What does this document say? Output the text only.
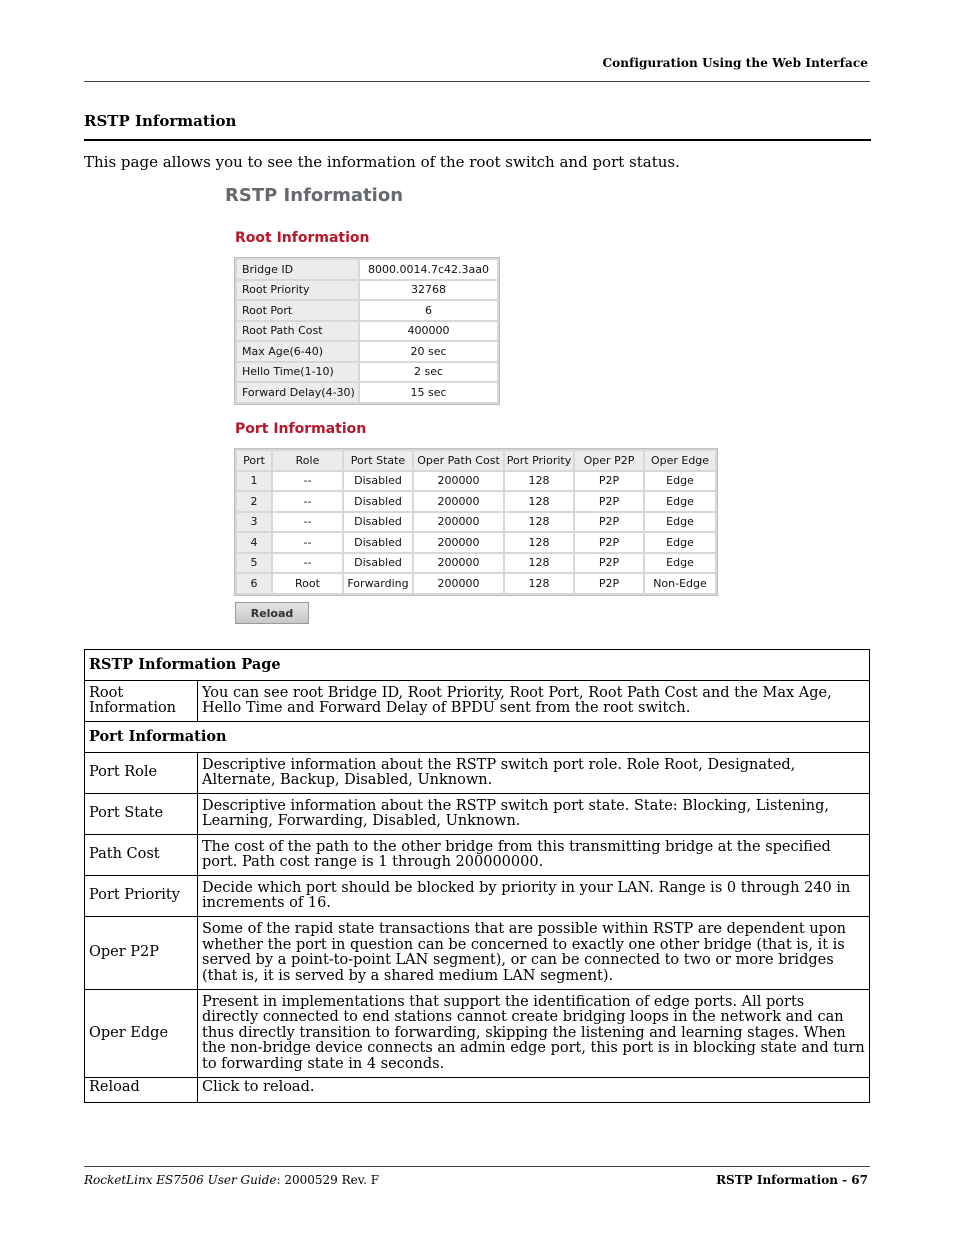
Configuration Using the Web Interface
RSTP Information
This page allows you to see the information of the root switch and port status.
RSTP Information
Root Information
Bridge ID	8000.0014.7c42.3aa0
Root Priority	32768
Root Port	6
Root Path Cost	400000
Max Age(6-40)	20 sec
Hello Time(1-10)	2 sec
Forward Delay(4-30)	15 sec
Port Information
Port	Role	Port State	Oper Path Cost	Port Priority	Oper P2P	Oper Edge
1	--	Disabled	200000	128	P2P	Edge
2	--	Disabled	200000	128	P2P	Edge
3	--	Disabled	200000	128	P2P	Edge
4	--	Disabled	200000	128	P2P	Edge
5	--	Disabled	200000	128	P2P	Edge
6	Root	Forwarding	200000	128	P2P	Non-Edge
Reload
RSTP Information Page	
Root Information	You can see root Bridge ID, Root Priority, Root Port, Root Path Cost and the Max Age, Hello Time and Forward Delay of BPDU sent from the root switch.
Port Information	
Port Role	Descriptive information about the RSTP switch port role. Role Root, Designated, Alternate, Backup, Disabled, Unknown.
Port State	Descriptive information about the RSTP switch port state. State: Blocking, Listening, Learning, Forwarding, Disabled, Unknown.
Path Cost	The cost of the path to the other bridge from this transmitting bridge at the specified port. Path cost range is 1 through 200000000.
Port Priority	Decide which port should be blocked by priority in your LAN. Range is 0 through 240 in increments of 16.
Oper P2P	Some of the rapid state transactions that are possible within RSTP are dependent upon whether the port in question can be concerned to exactly one other bridge (that is, it is served by a point-to-point LAN segment), or can be connected to two or more bridges (that is, it is served by a shared medium LAN segment).
Oper Edge	Present in implementations that support the identification of edge ports. All ports directly connected to end stations cannot create bridging loops in the network and can thus directly transition to forwarding, skipping the listening and learning stages. When the non-bridge device connects an admin edge port, this port is in blocking state and turn to forwarding state in 4 seconds.
Reload	Click to reload.
RocketLinx ES7506 User Guide: 2000529 Rev. F	RSTP Information - 67
